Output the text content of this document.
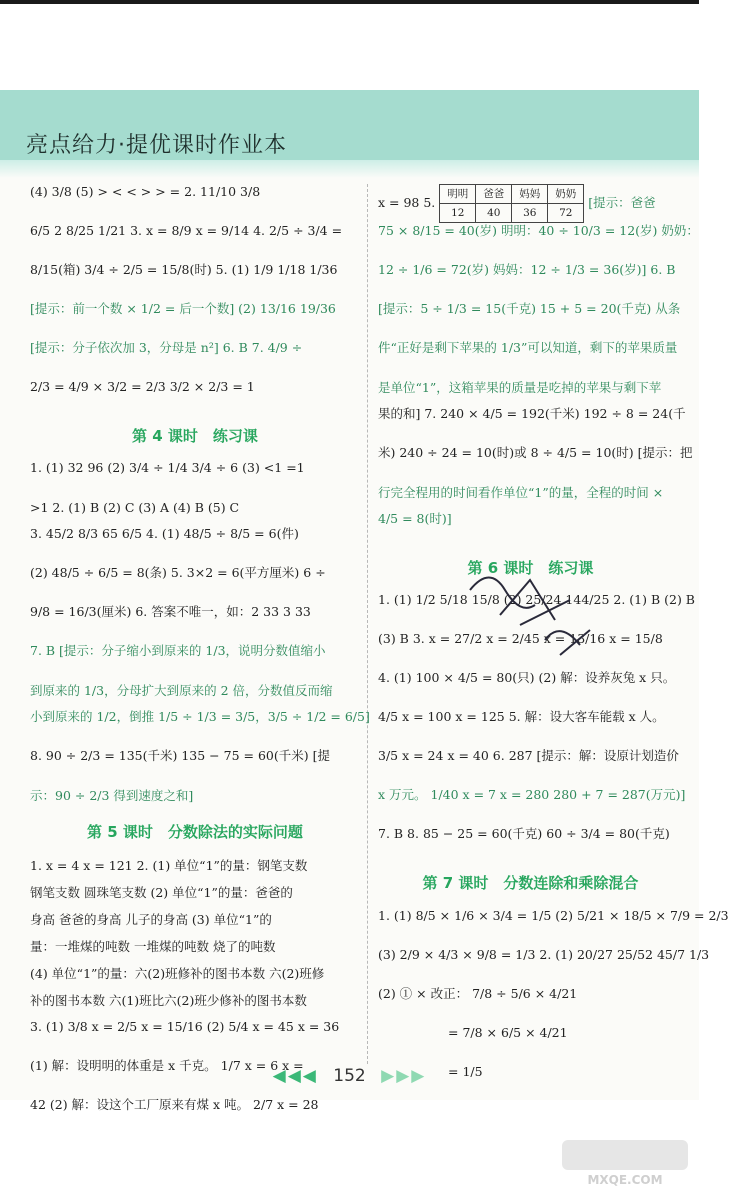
亮点给力·提优课时作业本
(4) 3/8 (5) > < < > > = 2. 11/10 3/8
6/5 2 8/25 1/21 3. x = 8/9 x = 9/14 4. 2/5 ÷ 3/4 =
8/15(箱) 3/4 ÷ 2/5 = 15/8(时) 5. (1) 1/9 1/18 1/36
[提示：前一个数 × 1/2 = 后一个数] (2) 13/16 19/36
[提示：分子依次加 3，分母是 n²] 6. B 7. 4/9 ÷
2/3 = 4/9 × 3/2 = 2/3 3/2 × 2/3 = 1
第 4 课时　练习课
1. (1) 32 96 (2) 3/4 ÷ 1/4 3/4 ÷ 6 (3) <1 =1
>1 2. (1) B (2) C (3) A (4) B (5) C
3. 45/2 8/3 65 6/5 4. (1) 48/5 ÷ 8/5 = 6(件)
(2) 48/5 ÷ 6/5 = 8(条) 5. 3×2 = 6(平方厘米) 6 ÷
9/8 = 16/3(厘米) 6. 答案不唯一，如：2 33 3 33
7. B [提示：分子缩小到原来的 1/3，说明分数值缩小
到原来的 1/3，分母扩大到原来的 2 倍，分数值反而缩
小到原来的 1/2，倒推 1/5 ÷ 1/3 = 3/5，3/5 ÷ 1/2 = 6/5]
8. 90 ÷ 2/3 = 135(千米) 135 − 75 = 60(千米) [提
示：90 ÷ 2/3 得到速度之和]
第 5 课时　分数除法的实际问题
1. x = 4 x = 121 2. (1) 单位“1”的量：钢笔支数
钢笔支数 圆珠笔支数 (2) 单位“1”的量：爸爸的
身高 爸爸的身高 儿子的身高 (3) 单位“1”的
量：一堆煤的吨数 一堆煤的吨数 烧了的吨数
(4) 单位“1”的量：六(2)班修补的图书本数 六(2)班修
补的图书本数 六(1)班比六(2)班少修补的图书本数
3. (1) 3/8 x = 2/5 x = 15/16 (2) 5/4 x = 45 x = 36
(1) 解：设明明的体重是 x 千克。 1/7 x = 6 x =
42 (2) 解：设这个工厂原来有煤 x 吨。 2/7 x = 28
x = 98 5. 明明	爸爸	妈妈	奶奶
12	40	36	72 [提示：爸爸
75 × 8/15 = 40(岁) 明明：40 ÷ 10/3 = 12(岁) 奶奶：
12 ÷ 1/6 = 72(岁) 妈妈：12 ÷ 1/3 = 36(岁)] 6. B
[提示：5 ÷ 1/3 = 15(千克) 15 + 5 = 20(千克) 从条
件“正好是剩下苹果的 1/3”可以知道，剩下的苹果质量
是单位“1”，这箱苹果的质量是吃掉的苹果与剩下苹
果的和] 7. 240 × 4/5 = 192(千米) 192 ÷ 8 = 24(千
米) 240 ÷ 24 = 10(时)或 8 ÷ 4/5 = 10(时) [提示：把
行完全程用的时间看作单位“1”的量，全程的时间 ×
4/5 = 8(时)]
第 6 课时　练习课
1. (1) 1/2 5/18 15/8 (2) 25/24 144/25 2. (1) B (2) B
(3) B 3. x = 27/2 x = 2/45 x = 13/16 x = 15/8
4. (1) 100 × 4/5 = 80(只) (2) 解：设养灰兔 x 只。
4/5 x = 100 x = 125 5. 解：设大客车能载 x 人。
3/5 x = 24 x = 40 6. 287 [提示：解：设原计划造价
x 万元。 1/40 x = 7 x = 280 280 + 7 = 287(万元)]
7. B 8. 85 − 25 = 60(千克) 60 ÷ 3/4 = 80(千克)
第 7 课时　分数连除和乘除混合
1. (1) 8/5 × 1/6 × 3/4 = 1/5 (2) 5/21 × 18/5 × 7/9 = 2/3
(3) 2/9 × 4/3 × 9/8 = 1/3 2. (1) 20/27 25/52 45/7 1/3
(2) ① × 改正： 7/8 ÷ 5/6 × 4/21
= 7/8 × 6/5 × 4/21
= 1/5
◀◀◀ 152 ▶▶▶
MXQE.COM
